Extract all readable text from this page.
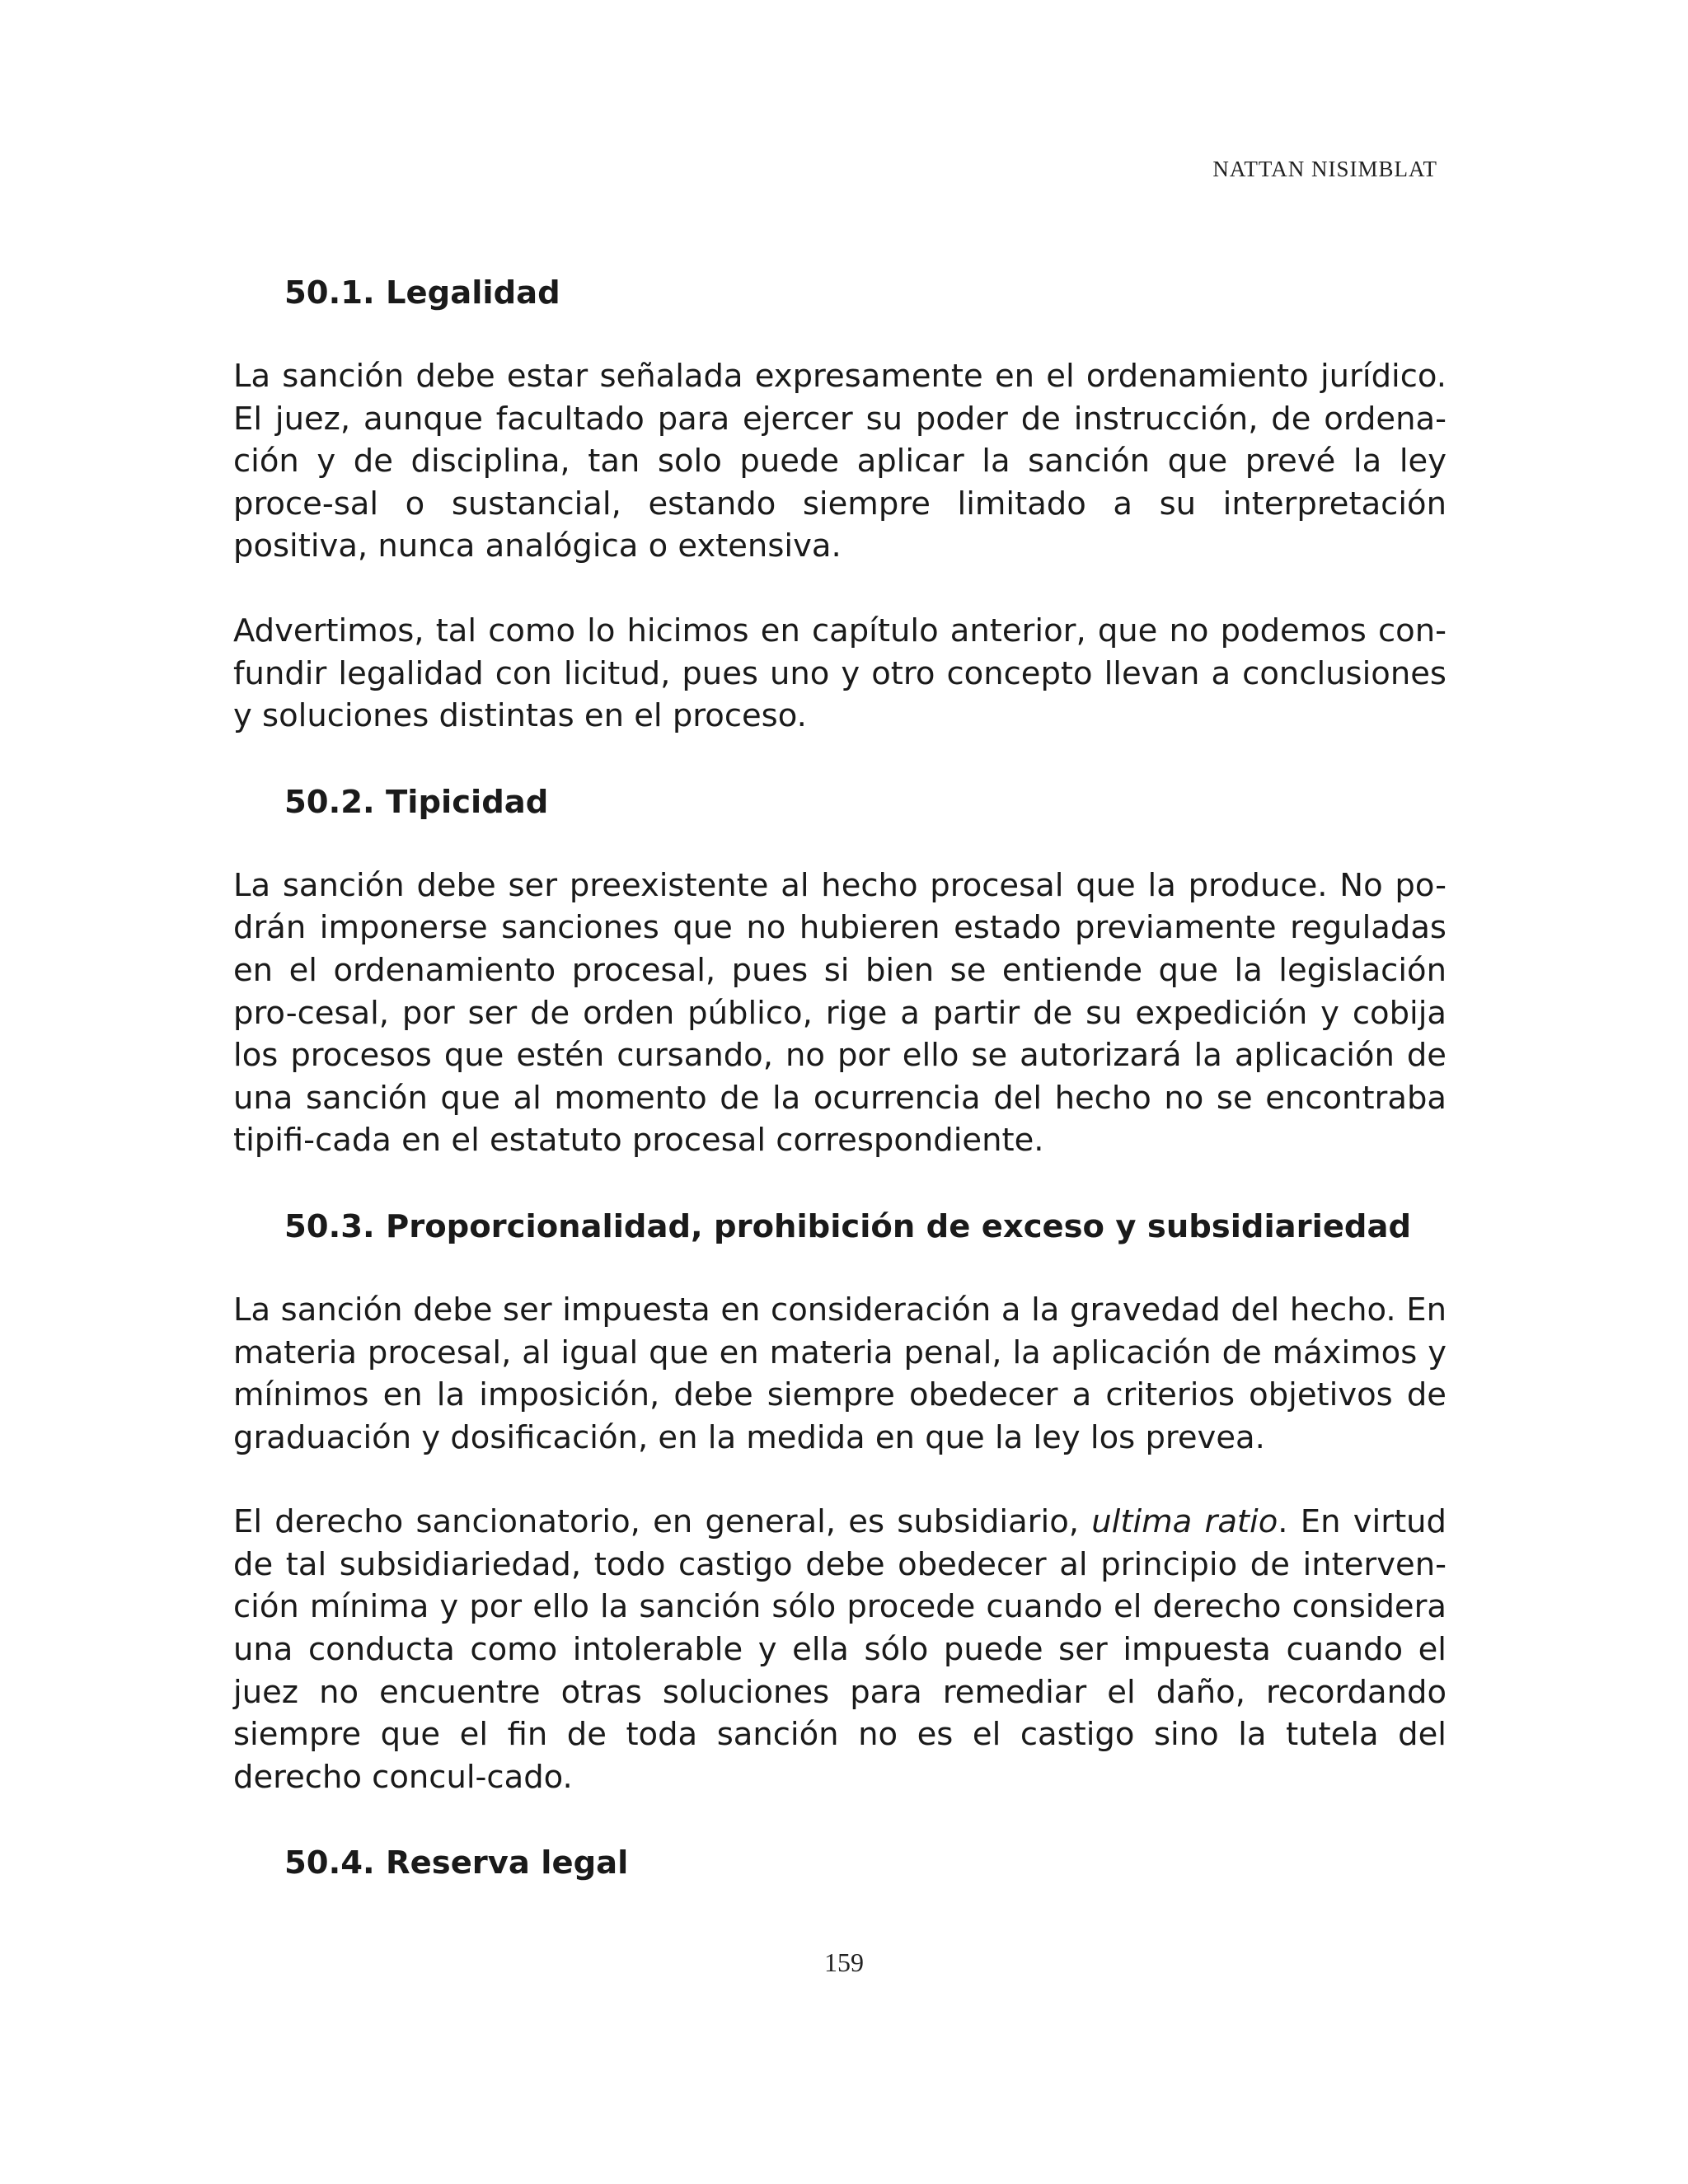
NATTAN NISIMBLAT
50.1. Legalidad

La sanción debe estar señalada expresamente en el ordenamiento jurídico. El juez, aunque facultado para ejercer su poder de instrucción, de ordena-ción y de disciplina, tan solo puede aplicar la sanción que prevé la ley proce-sal o sustancial, estando siempre limitado a su interpretación positiva, nunca analógica o extensiva.

Advertimos, tal como lo hicimos en capítulo anterior, que no podemos con-fundir legalidad con licitud, pues uno y otro concepto llevan a conclusiones y soluciones distintas en el proceso.

50.2. Tipicidad

La sanción debe ser preexistente al hecho procesal que la produce. No po-drán imponerse sanciones que no hubieren estado previamente reguladas en el ordenamiento procesal, pues si bien se entiende que la legislación pro-cesal, por ser de orden público, rige a partir de su expedición y cobija los procesos que estén cursando, no por ello se autorizará la aplicación de una sanción que al momento de la ocurrencia del hecho no se encontraba tipifi-cada en el estatuto procesal correspondiente.

50.3. Proporcionalidad, prohibición de exceso y subsidiariedad

La sanción debe ser impuesta en consideración a la gravedad del hecho. En materia procesal, al igual que en materia penal, la aplicación de máximos y mínimos en la imposición, debe siempre obedecer a criterios objetivos de graduación y dosificación, en la medida en que la ley los prevea.

El derecho sancionatorio, en general, es subsidiario, ultima ratio. En virtud de tal subsidiariedad, todo castigo debe obedecer al principio de interven-ción mínima y por ello la sanción sólo procede cuando el derecho considera una conducta como intolerable y ella sólo puede ser impuesta cuando el juez no encuentre otras soluciones para remediar el daño, recordando siempre que el fin de toda sanción no es el castigo sino la tutela del derecho concul-cado.

50.4. Reserva legal
159
